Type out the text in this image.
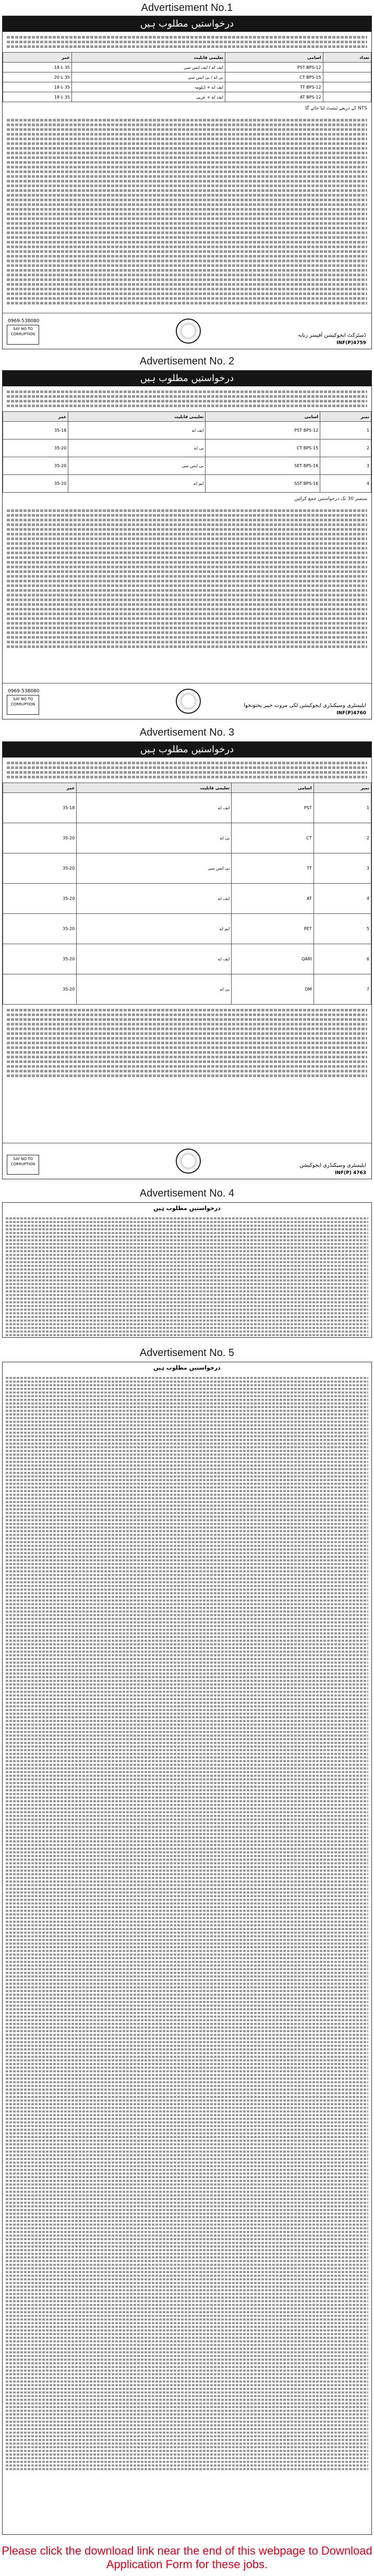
Advertisement No.1
درخواستیں مطلوب ہیں
عمر	تعلیمی قابلیت	اسامی	تعداد
35 تا 18	ایف اے / ایف ایس سی	PST BPS-12	
35 تا 20	بی اے / بی ایس سی	CT BPS-15	
35 تا 18	ایف اے + ڈپلومہ	TT BPS-12	
35 تا 18	ایف اے + عربی	AT BPS-12	
NTS کے ذریعے ٹیسٹ لیا جائے گا
SAY NO TO CORRUPTION
0969-538080
ڈسٹرکٹ ایجوکیشن آفیسر زنانہ
INF(P)4759
Advertisement No. 2
درخواستیں مطلوب ہیں
عمر	تعلیمی قابلیت	اسامی	نمبر
35-18	ایف اے	PST BPS-12	1
35-20	بی اے	CT BPS-15	2
35-20	بی ایس سی	SET BPS-16	3
35-20	ایم اے	SST BPS-16	4
ستمبر 30 تک درخواستیں جمع کرائیں
SAY NO TO CORRUPTION
0969-538080
ایلیمنٹری وسیکنڈری ایجوکیشن لکی مروت خیبر پختونخوا
INF(P)4760
Advertisement No. 3
درخواستیں مطلوب ہیں
عمر	تعلیمی قابلیت	اسامی	نمبر
35-18	ایف اے	PST	1
35-20	بی اے	CT	2
35-20	بی ایس سی	TT	3
35-20	ایف اے	AT	4
35-20	ایم اے	PET	5
35-20	ایف اے	QARI	6
35-20	بی اے	DM	7
SAY NO TO CORRUPTION	ایلیمنٹری وسیکنڈری ایجوکیشن
INF(P) 4763
Advertisement No. 4
درخواستیں مطلوب ہیں
Advertisement No. 5
درخواستیں مطلوب ہیں
Please click the download link near the end of this webpage to Download Application Form for these jobs.
